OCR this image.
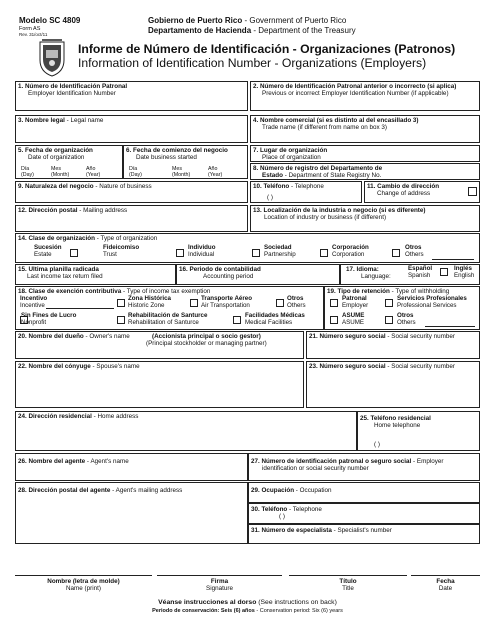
Modelo SC 4809
Form AS
Rev. 31/oct/11
Gobierno de Puerto Rico - Government of Puerto Rico
Departamento de Hacienda - Department of the Treasury
Informe de Número de Identificación - Organizaciones (Patronos)
Information of Identification Number - Organizations (Employers)
1. Número de Identificación Patronal
Employer Identification Number
2. Número de Identificación Patronal anterior o incorrecto (si aplica)
Previous or incorrect Employer Identification Number (if applicable)
3. Nombre legal - Legal name	4. Nombre comercial (si es distinto al del encasillado 3)
Trade name (if different from name on box 3)
5. Fecha de organización
Date of organization
Día
(Day)
Mes
(Month)
Año
(Year)
6. Fecha de comienzo del negocio
Date business started
Día
(Day)
Mes
(Month)
Año
(Year)
7. Lugar de organización
Place of organization
8. Número de registro del Departamento de
Estado - Department of State Registry No.
9. Naturaleza del negocio - Nature of business	10. Teléfono - Telephone
( )
11. Cambio de dirección
Change of address
12. Dirección postal - Mailing address	13. Localización de la industria o negocio (si es diferente)
Location of industry or business (if different)
14. Clase de organización - Type of organization
Sucesión
Estate
Fideicomiso
Trust
Individuo
Individual
Sociedad
Partnership
Corporación
Corporation
Otros
Others
15. Ultima planilla radicada
Last income tax return filed
16. Periodo de contabilidad
Accounting period
17. Idioma:
Language:
Español
Spanish
Inglés
English
18. Clase de exención contributiva - Type of income tax exemption	19. Tipo de retención - Type of withholding
Incentivo
Incentive
Zona Histórica
Historic Zone
Transporte Aéreo
Air Transportation
Otros
Others
Sin Fines de Lucro
Nonprofit
Rehabilitación de Santurce
Rehabilitation of Santurce
Facilidades Médicas
Medical Facilities
Patronal
Employer
Servicios Profesionales
Professional Services
ASUME
ASUME
Otros
Others
20. Nombre del dueño - Owner's name	(Accionista principal o socio gestor)
(Principal stockholder or managing partner)
21. Número seguro social - Social security number
22. Nombre del cónyuge - Spouse's name	23. Número seguro social - Social security number
24. Dirección residencial - Home address	25. Teléfono residencial
Home telephone
( )
26. Nombre del agente - Agent's name	27. Número de identificación patronal o seguro social - Employer
identification or social security number
28. Dirección postal del agente - Agent's mailing address	29. Ocupación - Occupation
30. Teléfono - Telephone
( )
31. Número de especialista - Specialist's number
Nombre (letra de molde)
Name (print)
Firma
Signature
Título
Title
Fecha
Date
Véanse instrucciones al dorso (See instructions on back)
Periodo de conservación: Seis (6) años - Conservation period: Six (6) years
